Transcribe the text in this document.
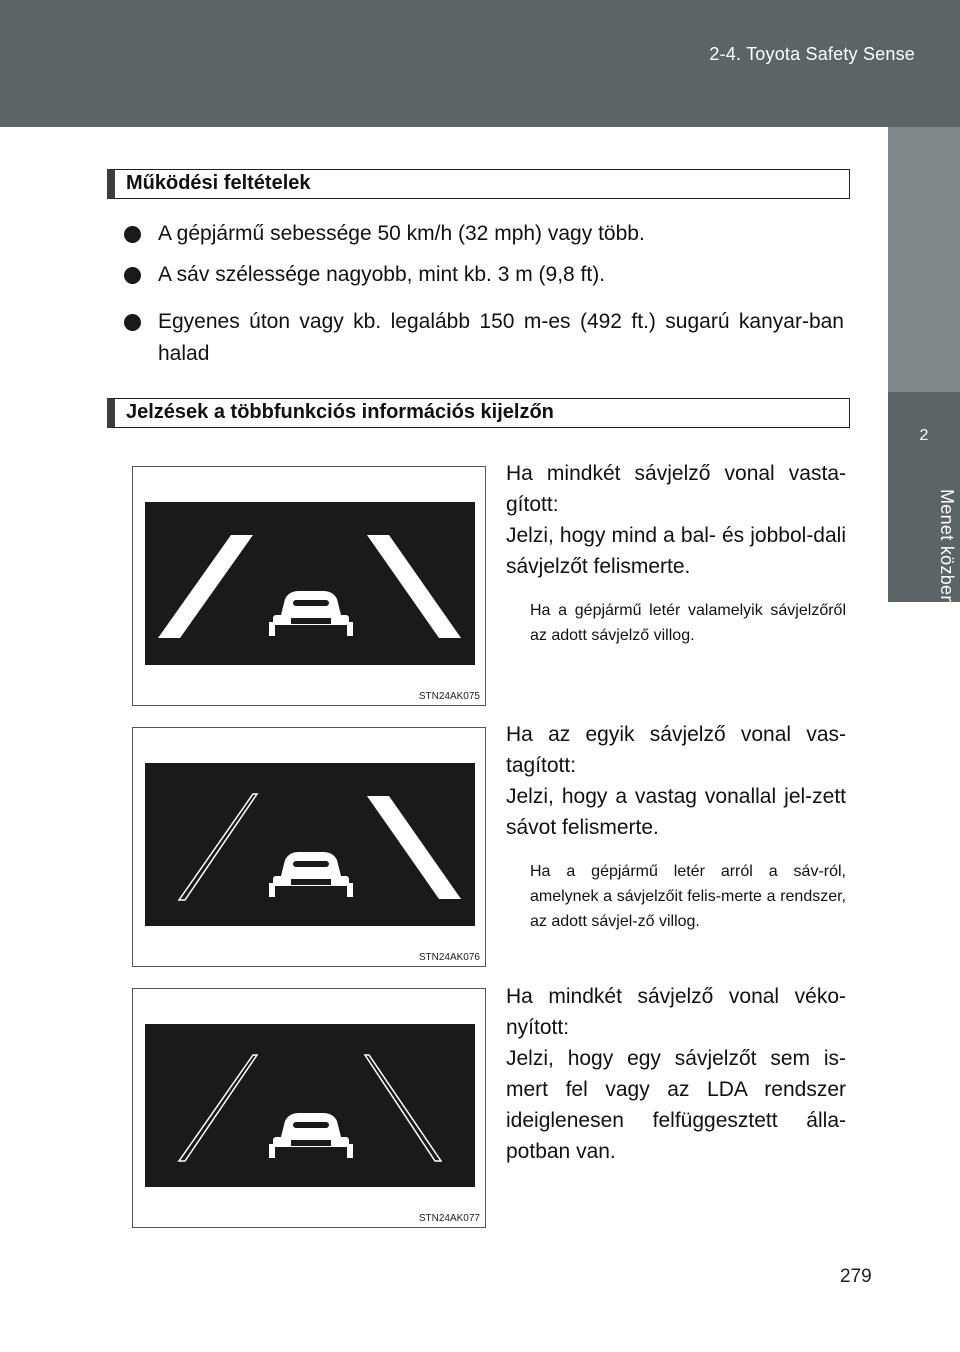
2-4. Toyota Safety Sense
2
Menet közben
Működési feltételek
A gépjármű sebessége 50 km/h (32 mph) vagy több.
A sáv szélessége nagyobb, mint kb. 3 m (9,8 ft).
Egyenes úton vagy kb. legalább 150 m-es (492 ft.) sugarú kanyar-ban halad
Jelzések a többfunkciós információs kijelzőn
STN24AK075

Ha mindkét sávjelző vonal vasta-gított:

Jelzi, hogy mind a bal- és jobbol-dali sávjelzőt felismerte.

Ha a gépjármű letér valamelyik sávjelzőről az adott sávjelző villog.
STN24AK076

Ha az egyik sávjelző vonal vas-tagított:

Jelzi, hogy a vastag vonallal jel-zett sávot felismerte.

Ha a gépjármű letér arról a sáv-ról, amelynek a sávjelzőit felis-merte a rendszer, az adott sávjel-ző villog.
STN24AK077

Ha mindkét sávjelző vonal véko-nyított:

Jelzi, hogy egy sávjelzőt sem is-mert fel vagy az LDA rendszer ideiglenesen felfüggesztett álla-potban van.

279
